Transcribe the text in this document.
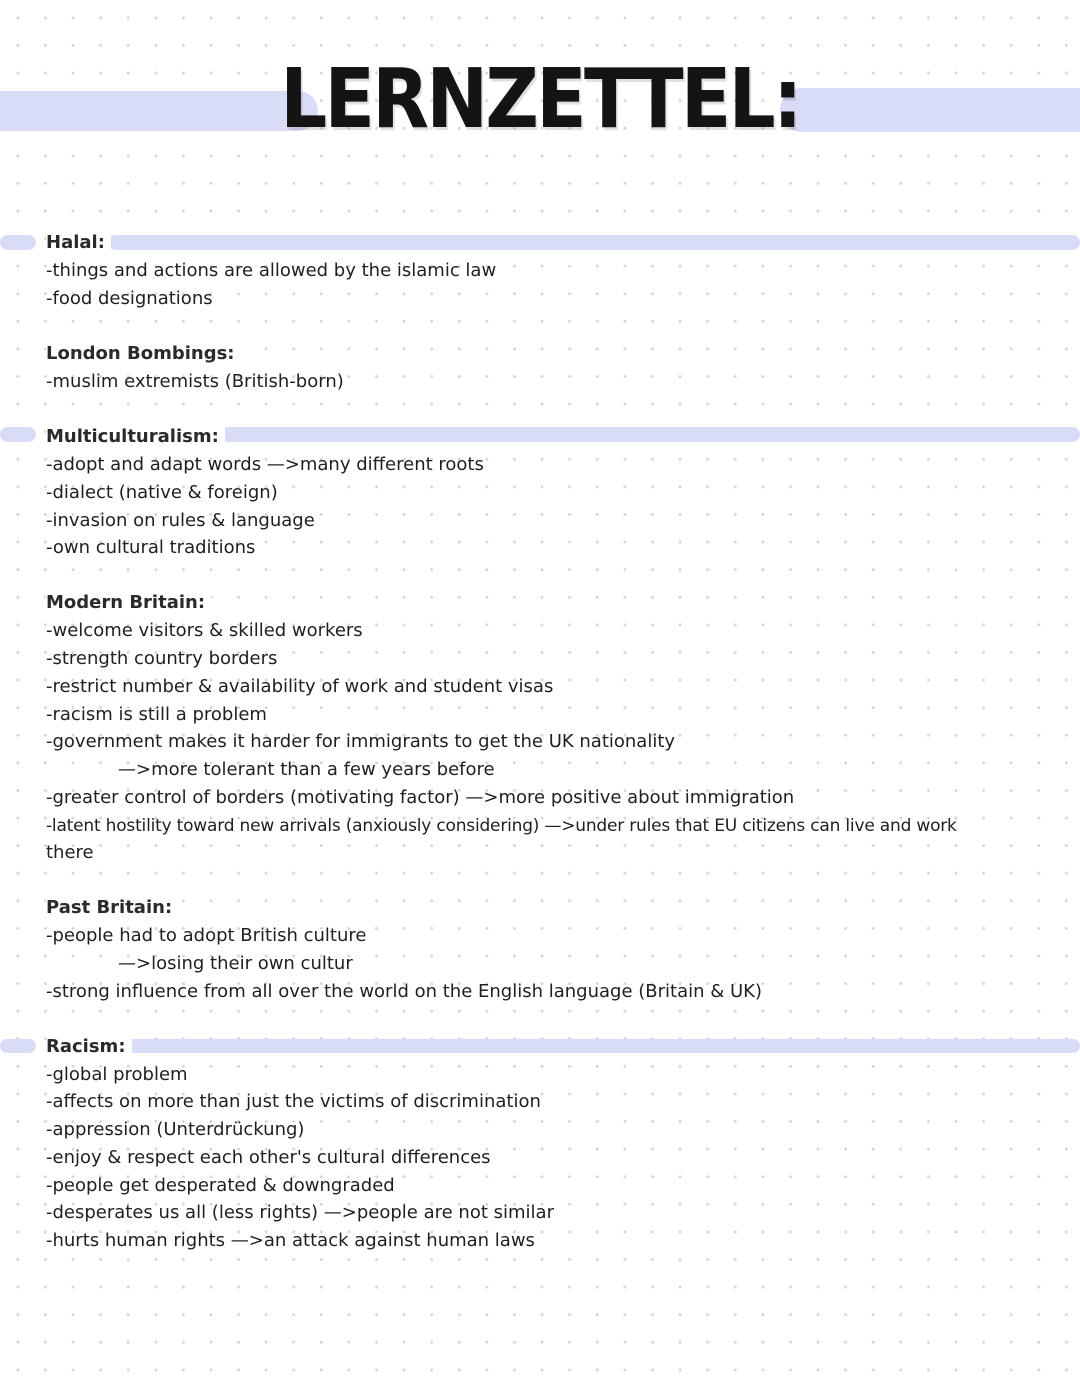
LERNZETTEL:
Halal:
-things and actions are allowed by the islamic law
-food designations
London Bombings:
-muslim extremists (British-born)
Multiculturalism:
-adopt and adapt words —>many different roots
-dialect (native & foreign)
-invasion on rules & language
-own cultural traditions
Modern Britain:
-welcome visitors & skilled workers
-strength country borders
-restrict number & availability of work and student visas
-racism is still a problem
-government makes it harder for immigrants to get the UK nationality
—>more tolerant than a few years before
-greater control of borders (motivating factor) —>more positive about immigration
-latent hostility toward new arrivals (anxiously considering) —>under rules that EU citizens can live and work
there
Past Britain:
-people had to adopt British culture
—>losing their own cultur
-strong influence from all over the world on the English language (Britain & UK)
Racism:
-global problem
-affects on more than just the victims of discrimination
-appression (Unterdrückung)
-enjoy & respect each other's cultural differences
-people get desperated & downgraded
-desperates us all (less rights) —>people are not similar
-hurts human rights —>an attack against human laws
